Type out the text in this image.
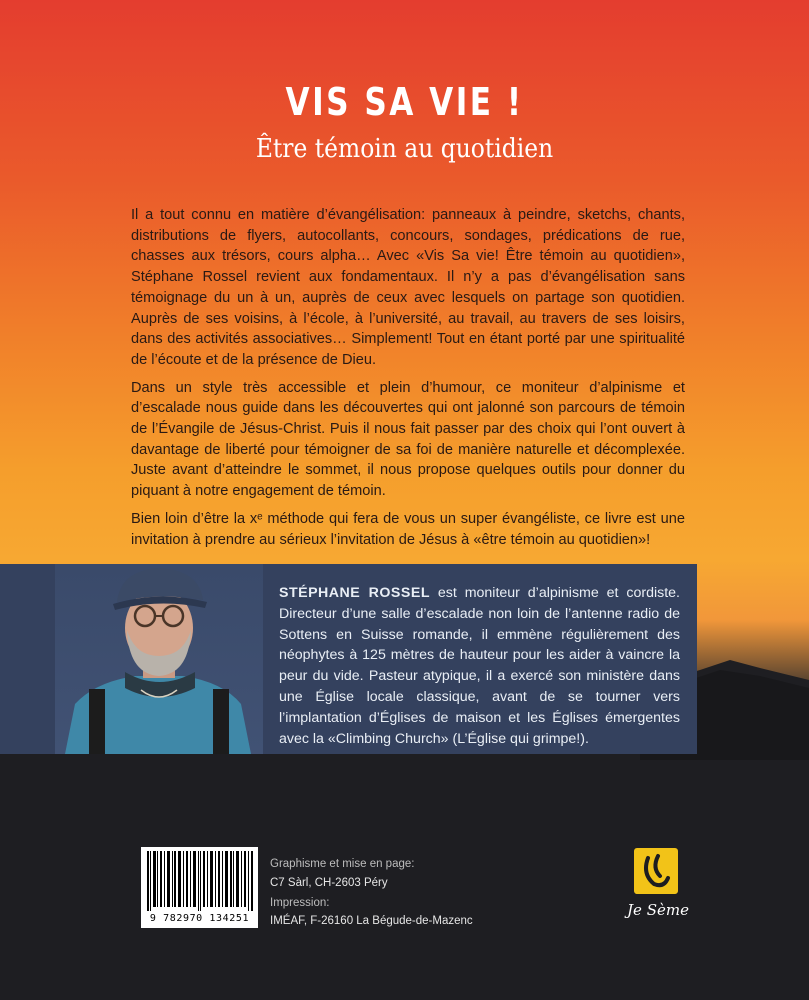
VIS SA VIE !
Être témoin au quotidien

Il a tout connu en matière d’évangélisation: panneaux à peindre, sketchs, chants, distributions de flyers, autocollants, concours, sondages, prédications de rue, chasses aux trésors, cours alpha… Avec «Vis Sa vie! Être témoin au quotidien», Stéphane Rossel revient aux fondamentaux. Il n’y a pas d’évangélisation sans témoignage du un à un, auprès de ceux avec lesquels on partage son quotidien. Auprès de ses voisins, à l’école, à l’université, au travail, au travers de ses loisirs, dans des activités associatives… Simplement! Tout en étant porté par une spiritualité de l’écoute et de la présence de Dieu.

Dans un style très accessible et plein d’humour, ce moniteur d’alpinisme et d’escalade nous guide dans les découvertes qui ont jalonné son parcours de témoin de l’Évangile de Jésus-Christ. Puis il nous fait passer par des choix qui l’ont ouvert à davantage de liberté pour témoigner de sa foi de manière naturelle et décomplexée. Juste avant d’atteindre le sommet, il nous propose quelques outils pour donner du piquant à notre engagement de témoin.

Bien loin d’être la xᵉ méthode qui fera de vous un super évangéliste, ce livre est une invitation à prendre au sérieux l’invitation de Jésus à «être témoin au quotidien»!

STÉPHANE ROSSEL est moniteur d’alpinisme et cordiste. Directeur d’une salle d’escalade non loin de l’antenne radio de Sottens en Suisse romande, il emmène régulièrement des néophytes à 125 mètres de hauteur pour les aider à vaincre la peur du vide. Pasteur atypique, il a exercé son ministère dans une Église locale classique, avant de se tourner vers l’implantation d’Églises de maison et les Églises émergentes avec la «Climbing Church» (L’Église qui grimpe!).

9 782970 134251

Graphisme et mise en page:

C7 Sàrl, CH-2603 Péry

Impression:

IMÉAF, F-26160 La Bégude-de-Mazenc

Je Sème
